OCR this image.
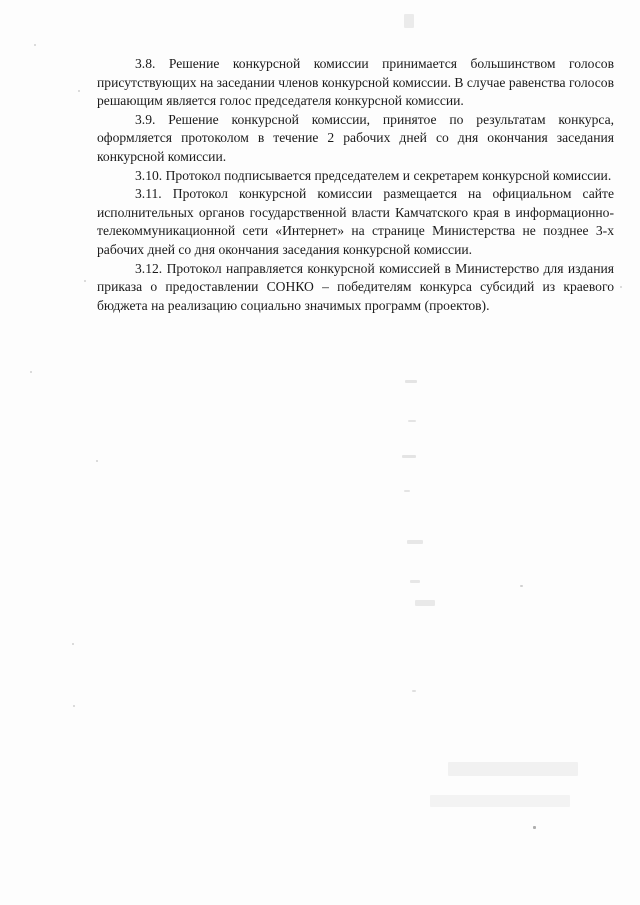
3.8. Решение конкурсной комиссии принимается большинством голосов присутствующих на заседании членов конкурсной комиссии. В случае равенства голосов решающим является голос председателя конкурсной комиссии.

3.9. Решение конкурсной комиссии, принятое по результатам конкурса, оформляется протоколом в течение 2 рабочих дней со дня окончания заседания конкурсной комиссии.

3.10. Протокол подписывается председателем и секретарем конкурсной комиссии.

3.11. Протокол конкурсной комиссии размещается на официальном сайте исполнительных органов государственной власти Камчатского края в информационно-телекоммуникационной сети «Интернет» на странице Министерства не позднее 3-х рабочих дней со дня окончания заседания конкурсной комиссии.

3.12. Протокол направляется конкурсной комиссией в Министерство для издания приказа о предоставлении СОНКО – победителям конкурса субсидий из краевого бюджета на реализацию социально значимых программ (проектов).
